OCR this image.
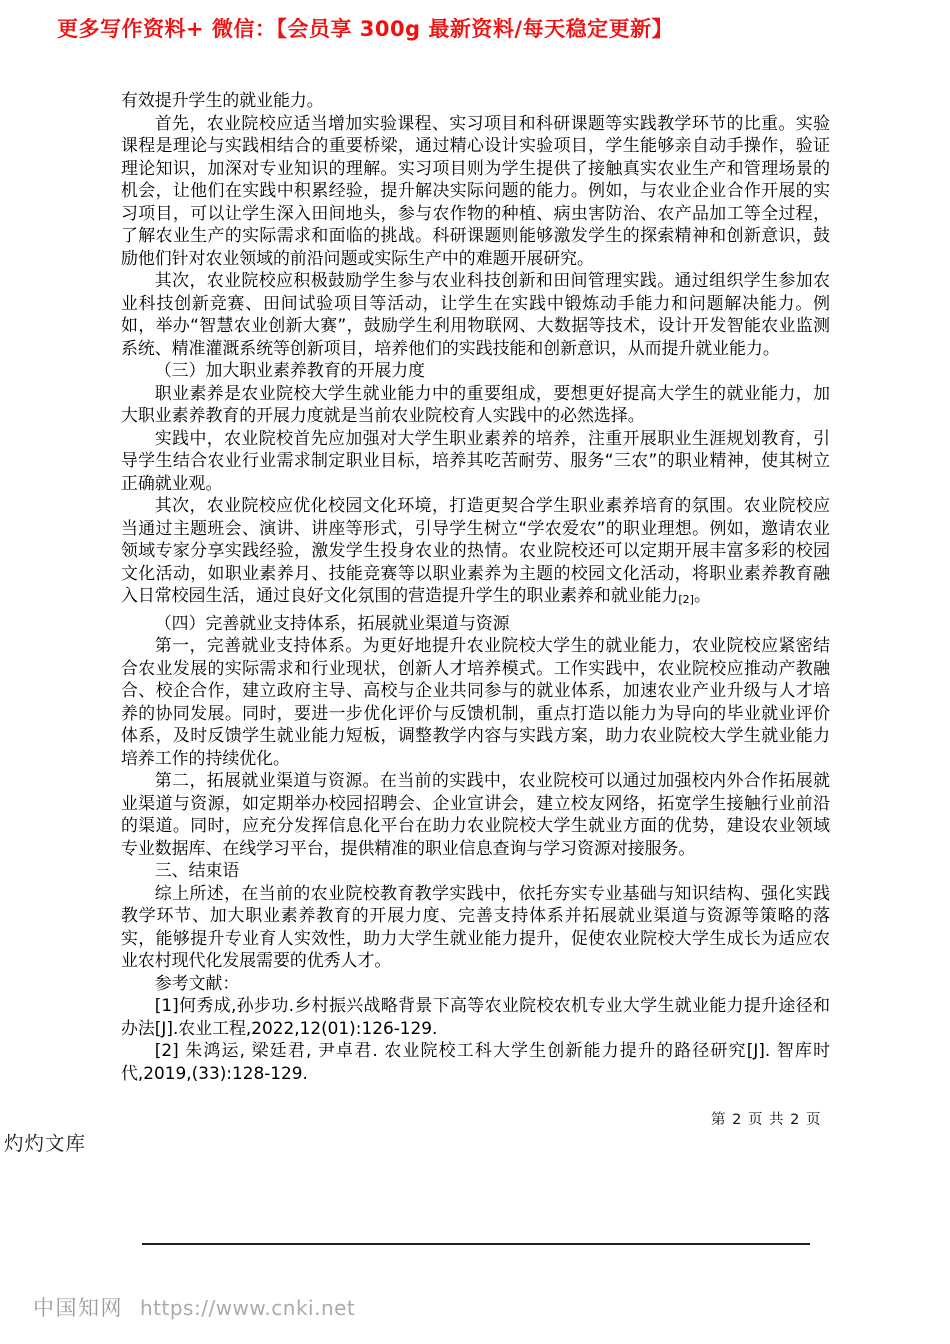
更多写作资料+ 微信：【会员享 300g 最新资料/每天稳定更新】

有效提升学生的就业能力。

首先，农业院校应适当增加实验课程、实习项目和科研课题等实践教学环节的比重。实验课程是理论与实践相结合的重要桥梁，通过精心设计实验项目，学生能够亲自动手操作，验证理论知识，加深对专业知识的理解。实习项目则为学生提供了接触真实农业生产和管理场景的机会，让他们在实践中积累经验，提升解决实际问题的能力。例如，与农业企业合作开展的实习项目，可以让学生深入田间地头，参与农作物的种植、病虫害防治、农产品加工等全过程，了解农业生产的实际需求和面临的挑战。科研课题则能够激发学生的探索精神和创新意识，鼓励他们针对农业领域的前沿问题或实际生产中的难题开展研究。

其次，农业院校应积极鼓励学生参与农业科技创新和田间管理实践。通过组织学生参加农业科技创新竞赛、田间试验项目等活动，让学生在实践中锻炼动手能力和问题解决能力。例如，举办“智慧农业创新大赛”，鼓励学生利用物联网、大数据等技术，设计开发智能农业监测系统、精准灌溉系统等创新项目，培养他们的实践技能和创新意识，从而提升就业能力。

（三）加大职业素养教育的开展力度

职业素养是农业院校大学生就业能力中的重要组成，要想更好提高大学生的就业能力，加大职业素养教育的开展力度就是当前农业院校育人实践中的必然选择。

实践中，农业院校首先应加强对大学生职业素养的培养，注重开展职业生涯规划教育，引导学生结合农业行业需求制定职业目标，培养其吃苦耐劳、服务“三农”的职业精神，使其树立正确就业观。

其次，农业院校应优化校园文化环境，打造更契合学生职业素养培育的氛围。农业院校应当通过主题班会、演讲、讲座等形式，引导学生树立“学农爱农”的职业理想。例如，邀请农业领域专家分享实践经验，激发学生投身农业的热情。农业院校还可以定期开展丰富多彩的校园文化活动，如职业素养月、技能竞赛等以职业素养为主题的校园文化活动，将职业素养教育融入日常校园生活，通过良好文化氛围的营造提升学生的职业素养和就业能力[2]。

（四）完善就业支持体系，拓展就业渠道与资源

第一，完善就业支持体系。为更好地提升农业院校大学生的就业能力，农业院校应紧密结合农业发展的实际需求和行业现状，创新人才培养模式。工作实践中，农业院校应推动产教融合、校企合作，建立政府主导、高校与企业共同参与的就业体系，加速农业产业升级与人才培养的协同发展。同时，要进一步优化评价与反馈机制，重点打造以能力为导向的毕业就业评价体系，及时反馈学生就业能力短板，调整教学内容与实践方案，助力农业院校大学生就业能力培养工作的持续优化。

第二，拓展就业渠道与资源。在当前的实践中，农业院校可以通过加强校内外合作拓展就业渠道与资源，如定期举办校园招聘会、企业宣讲会，建立校友网络，拓宽学生接触行业前沿的渠道。同时，应充分发挥信息化平台在助力农业院校大学生就业方面的优势，建设农业领域专业数据库、在线学习平台，提供精准的职业信息查询与学习资源对接服务。

三、结束语

综上所述，在当前的农业院校教育教学实践中，依托夯实专业基础与知识结构、强化实践教学环节、加大职业素养教育的开展力度、完善支持体系并拓展就业渠道与资源等策略的落实，能够提升专业育人实效性，助力大学生就业能力提升，促使农业院校大学生成长为适应农业农村现代化发展需要的优秀人才。

参考文献：

[1]何秀成,孙步功.乡村振兴战略背景下高等农业院校农机专业大学生就业能力提升途径和办法[J].农业工程,2022,12(01):126-129.

[2] 朱鸿运, 梁廷君, 尹卓君. 农业院校工科大学生创新能力提升的路径研究[J]. 智库时代,2019,(33):128-129.

第 2 页 共 2 页
灼灼文库
中国知网 https://www.cnki.net
